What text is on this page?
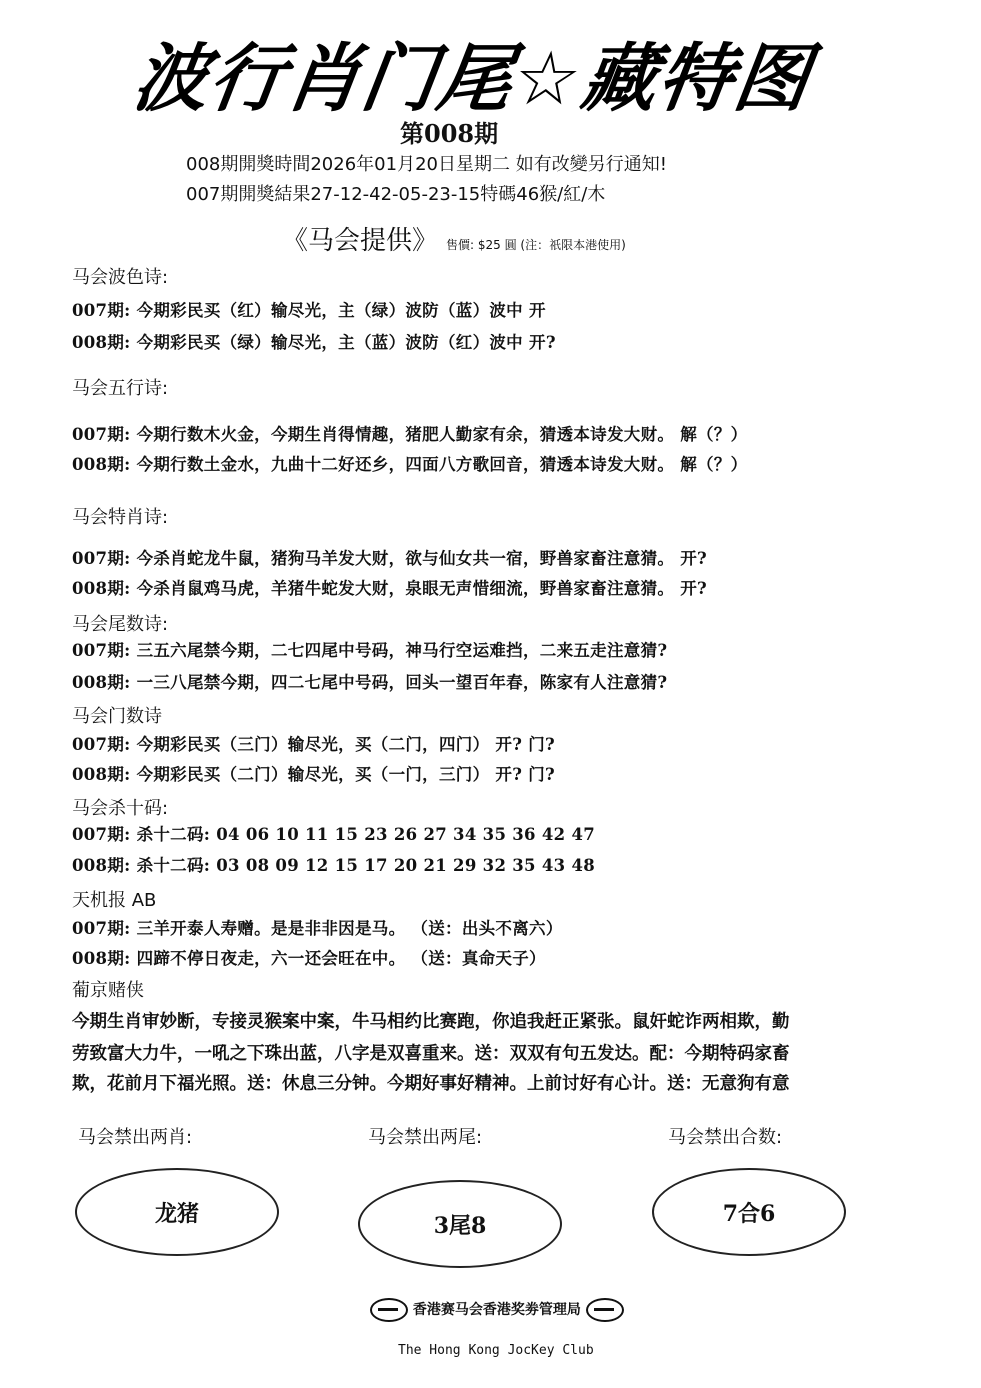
波行肖门尾☆藏特图
第008期
008期開獎時間2026年01月20日星期二 如有改變另行通知!
007期開獎結果27-12-42-05-23-15特碼46猴/紅/木
《马会提供》 售價: $25 圓 (注：祇限本港使用)
马会波色诗:
007期: 今期彩民买（红）输尽光，主（绿）波防（蓝）波中 开
008期: 今期彩民买（绿）输尽光，主（蓝）波防（红）波中 开?
马会五行诗:
007期: 今期行数木火金，今期生肖得情趣，猪肥人勤家有余，猜透本诗发大财。 解（？）
008期: 今期行数土金水，九曲十二好还乡，四面八方歌回音，猜透本诗发大财。 解（？）
马会特肖诗:
007期: 今杀肖蛇龙牛鼠，猪狗马羊发大财，欲与仙女共一宿，野兽家畜注意猜。 开?
008期: 今杀肖鼠鸡马虎，羊猪牛蛇发大财，泉眼无声惜细流，野兽家畜注意猜。 开?
马会尾数诗:
007期: 三五六尾禁今期，二七四尾中号码，神马行空运难挡，二来五走注意猜?
008期: 一三八尾禁今期，四二七尾中号码，回头一望百年春，陈家有人注意猜?
马会门数诗
007期: 今期彩民买（三门）输尽光，买（二门，四门） 开? 门?
008期: 今期彩民买（二门）输尽光，买（一门，三门） 开? 门?
马会杀十码:
007期: 杀十二码: 04 06 10 11 15 23 26 27 34 35 36 42 47
008期: 杀十二码: 03 08 09 12 15 17 20 21 29 32 35 43 48
天机报 AB
007期: 三羊开泰人寿赠。是是非非因是马。 （送：出头不离六）
008期: 四蹄不停日夜走，六一还会旺在中。 （送：真命天子）
葡京赌侠
今期生肖审妙断，专接灵猴案中案，牛马相约比赛跑，你追我赶正紧张。鼠奸蛇诈两相欺，勤
劳致富大力牛，一吼之下珠出蓝，八字是双喜重来。送：双双有句五发达。配：今期特码家畜
欺，花前月下福光照。送：休息三分钟。今期好事好精神。上前讨好有心计。送：无意狗有意
马会禁出两肖:	马会禁出两尾:	马会禁出合数:
龙猪	3尾8	7合6
香港赛马会香港奖劵管理局
The Hong Kong JocKey Club
